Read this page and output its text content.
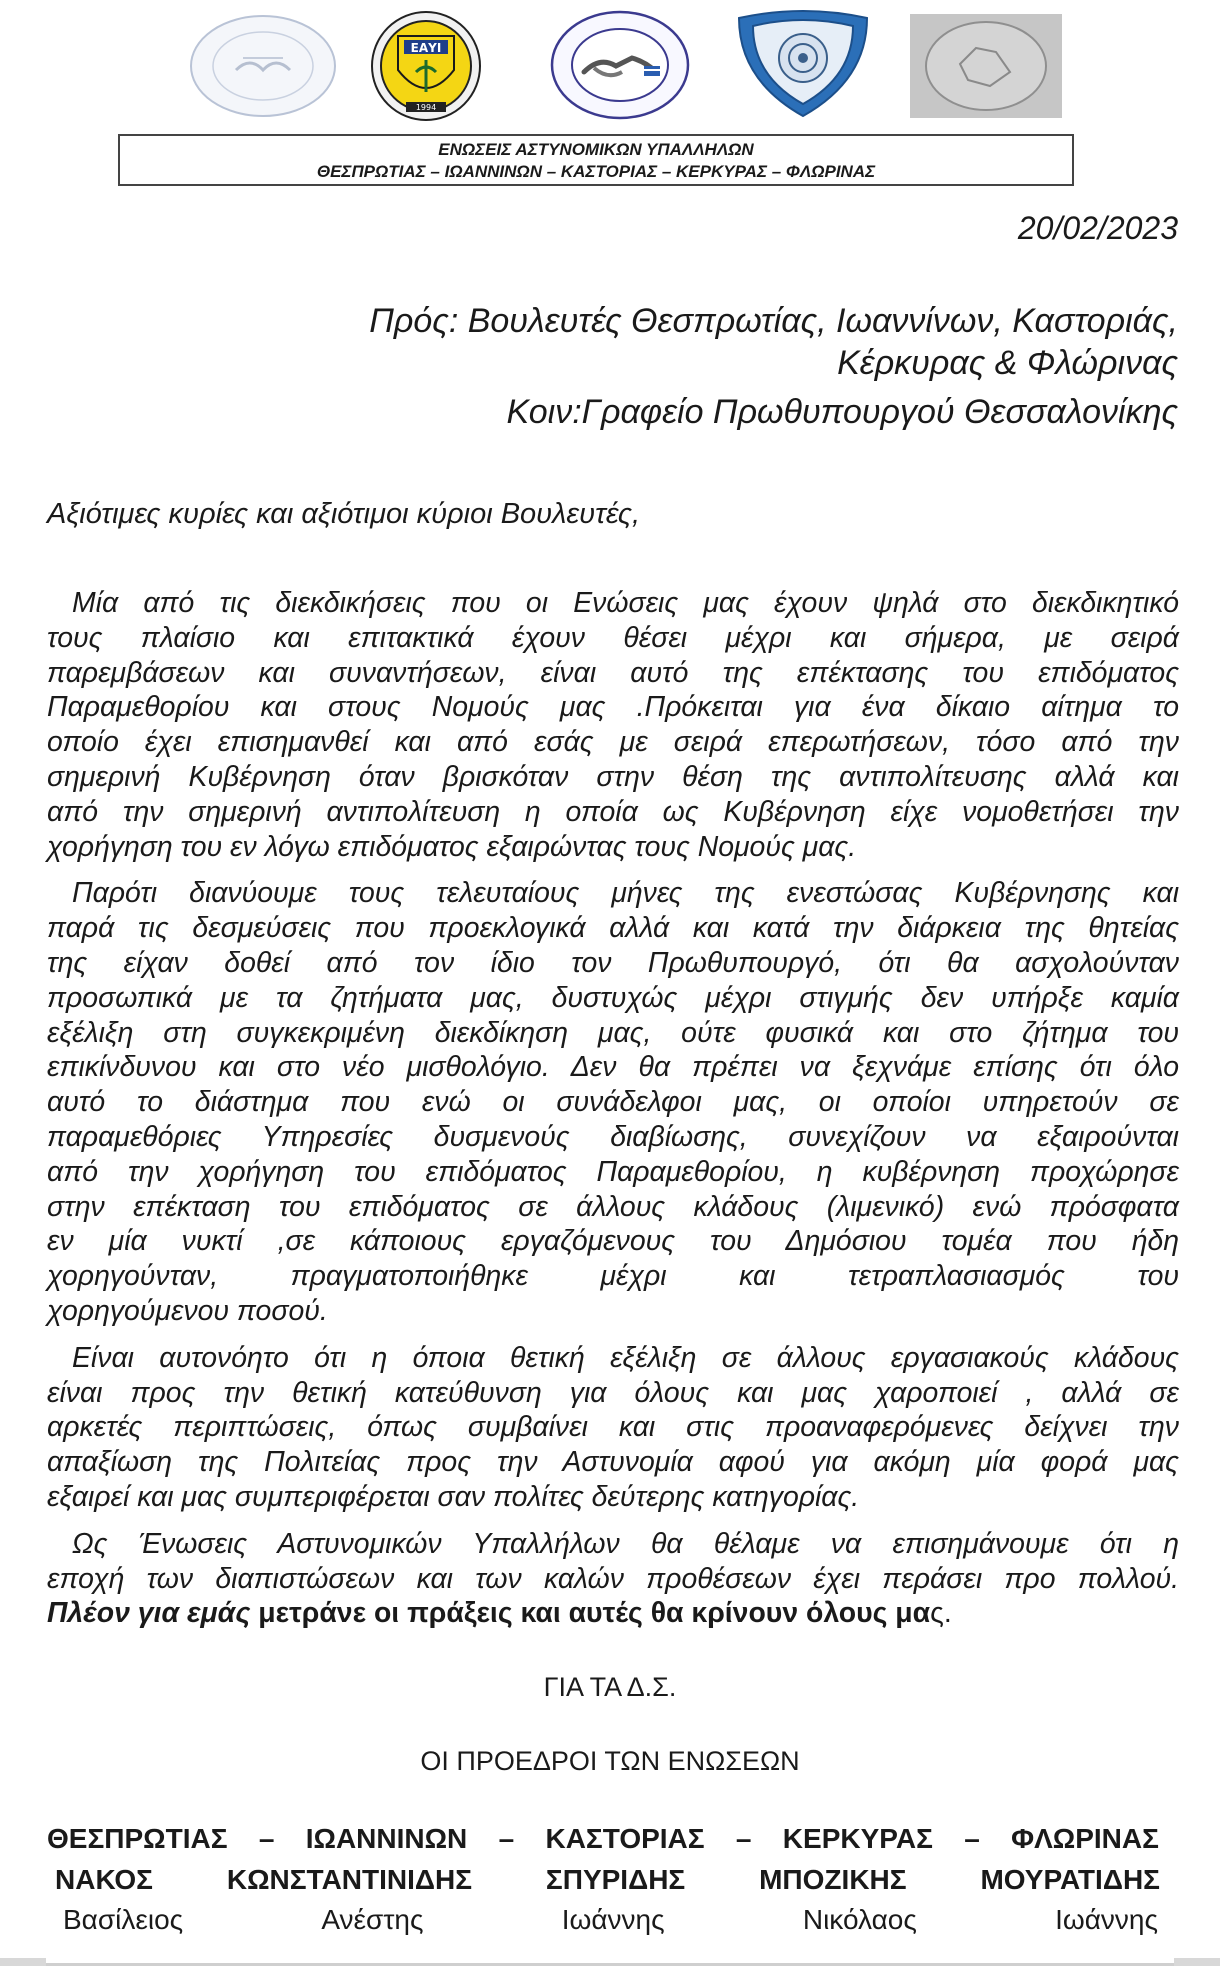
ΕΑΥΙ
1994
ΕΝΩΣΕΙΣ ΑΣΤΥΝΟΜΙΚΩΝ ΥΠΑΛΛΗΛΩΝ
ΘΕΣΠΡΩΤΙΑΣ – ΙΩΑΝΝΙΝΩΝ – ΚΑΣΤΟΡΙΑΣ – ΚΕΡΚΥΡΑΣ – ΦΛΩΡΙΝΑΣ
20/02/2023
Πρός: Βουλευτές Θεσπρωτίας, Ιωαννίνων, Καστοριάς,
Κέρκυρας & Φλώρινας
Κοιν:Γραφείο Πρωθυπουργού Θεσσαλονίκης
Αξιότιμες κυρίες και αξιότιμοι κύριοι Βουλευτές,
Μία από τις διεκδικήσεις που οι Ενώσεις μας έχουν ψηλά στο διεκδικητικό
τους πλαίσιο και επιτακτικά έχουν θέσει μέχρι και σήμερα, με σειρά
παρεμβάσεων και συναντήσεων, είναι αυτό της επέκτασης του επιδόματος
Παραμεθορίου και στους Νομούς μας .Πρόκειται για ένα δίκαιο αίτημα το
οποίο έχει επισημανθεί και από εσάς με σειρά επερωτήσεων, τόσο από την
σημερινή Κυβέρνηση όταν βρισκόταν στην θέση της αντιπολίτευσης αλλά και
από την σημερινή αντιπολίτευση η οποία ως Κυβέρνηση είχε νομοθετήσει την
χορήγηση του εν λόγω επιδόματος εξαιρώντας τους Νομούς μας.
Παρότι διανύουμε τους τελευταίους μήνες της ενεστώσας Κυβέρνησης και
παρά τις δεσμεύσεις που προεκλογικά αλλά και κατά την διάρκεια της θητείας
της είχαν δοθεί από τον ίδιο τον Πρωθυπουργό, ότι θα ασχολούνταν
προσωπικά με τα ζητήματα μας, δυστυχώς μέχρι στιγμής δεν υπήρξε καμία
εξέλιξη στη συγκεκριμένη διεκδίκηση μας, ούτε φυσικά και στο ζήτημα του
επικίνδυνου και στο νέο μισθολόγιο. Δεν θα πρέπει να ξεχνάμε επίσης ότι όλο
αυτό το διάστημα που ενώ οι συνάδελφοι μας, οι οποίοι υπηρετούν σε
παραμεθόριες Υπηρεσίες δυσμενούς διαβίωσης, συνεχίζουν να εξαιρούνται
από την χορήγηση του επιδόματος Παραμεθορίου, η κυβέρνηση προχώρησε
στην επέκταση του επιδόματος σε άλλους κλάδους (λιμενικό) ενώ πρόσφατα
εν μία νυκτί ,σε κάποιους εργαζόμενους του Δημόσιου τομέα που ήδη
χορηγούνταν, πραγματοποιήθηκε μέχρι και τετραπλασιασμός του
χορηγούμενου ποσού.
Είναι αυτονόητο ότι η όποια θετική εξέλιξη σε άλλους εργασιακούς κλάδους
είναι προς την θετική κατεύθυνση για όλους και μας χαροποιεί , αλλά σε
αρκετές περιπτώσεις, όπως συμβαίνει και στις προαναφερόμενες δείχνει την
απαξίωση της Πολιτείας προς την Αστυνομία αφού για ακόμη μία φορά μας
εξαιρεί και μας συμπεριφέρεται σαν πολίτες δεύτερης κατηγορίας.
Ως Ένωσεις Αστυνομικών Υπαλλήλων θα θέλαμε να επισημάνουμε ότι η
εποχή των διαπιστώσεων και των καλών προθέσεων έχει περάσει προ πολλού.
Πλέον για εμάς μετράνε οι πράξεις και αυτές θα κρίνουν όλους μας.
ΓΙΑ ΤΑ Δ.Σ.
ΟΙ ΠΡΟΕΔΡΟΙ ΤΩΝ ΕΝΩΣΕΩΝ
ΘΕΣΠΡΩΤΙΑΣ – ΙΩΑΝΝΙΝΩΝ – ΚΑΣΤΟΡΙΑΣ – ΚΕΡΚΥΡΑΣ – ΦΛΩΡΙΝΑΣ
ΝΑΚΟΣ	ΚΩΝΣΤΑΝΤΙΝΙΔΗΣ	ΣΠΥΡΙΔΗΣ	ΜΠΟΖΙΚΗΣ	ΜΟΥΡΑΤΙΔΗΣ
Βασίλειος	Ανέστης	Ιωάννης	Νικόλαος	Ιωάννης
